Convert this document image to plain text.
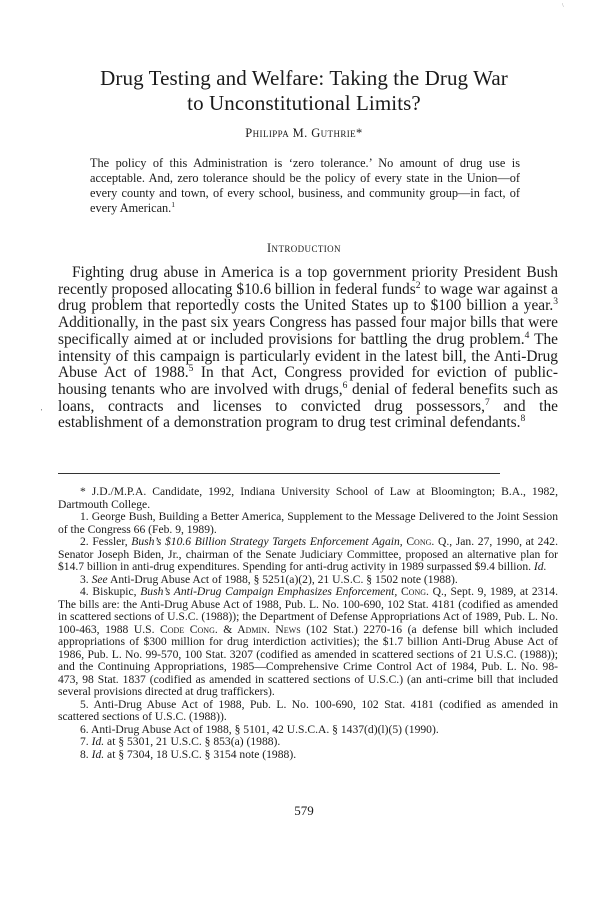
\
Drug Testing and Welfare: Taking the Drug War
to Unconstitutional Limits?
Philippa M. Guthrie*
The policy of this Administration is ‘zero tolerance.’ No amount of drug use is acceptable. And, zero tolerance should be the policy of every state in the Union—of every county and town, of every school, business, and community group—in fact, of every American.$^1$
Introduction

Fighting drug abuse in America is a top government priority President Bush recently proposed allocating $10.6 billion in federal funds$^2$ to wage war against a drug problem that reportedly costs the United States up to $100 billion a year.$^3$ Additionally, in the past six years Congress has passed four major bills that were specifically aimed at or included provisions for battling the drug problem.$^4$ The intensity of this campaign is particularly evident in the latest bill, the Anti-Drug Abuse Act of 1988.$^5$ In that Act, Congress provided for eviction of public-housing tenants who are involved with drugs,$^6$ denial of federal benefits such as loans, contracts and licenses to convicted drug possessors,$^7$ and the establishment of a demonstration program to drug test criminal defendants.$^8$

'

* J.D./M.P.A. Candidate, 1992, Indiana University School of Law at Bloomington; B.A., 1982, Dartmouth College.

1. George Bush, Building a Better America, Supplement to the Message Delivered to the Joint Session of the Congress 66 (Feb. 9, 1989).

2. Fessler, Bush’s $10.6 Billion Strategy Targets Enforcement Again, Cong. Q., Jan. 27, 1990, at 242. Senator Joseph Biden, Jr., chairman of the Senate Judiciary Committee, proposed an alternative plan for $14.7 billion in anti-drug expenditures. Spending for anti-drug activity in 1989 surpassed $9.4 billion. Id.

3. See Anti-Drug Abuse Act of 1988, § 5251(a)(2), 21 U.S.C. § 1502 note (1988).

4. Biskupic, Bush’s Anti-Drug Campaign Emphasizes Enforcement, Cong. Q., Sept. 9, 1989, at 2314. The bills are: the Anti-Drug Abuse Act of 1988, Pub. L. No. 100-690, 102 Stat. 4181 (codified as amended in scattered sections of U.S.C. (1988)); the Department of Defense Appropriations Act of 1989, Pub. L. No. 100-463, 1988 U.S. Code Cong. & Admin. News (102 Stat.) 2270-16 (a defense bill which included appropriations of $300 million for drug interdiction activities); the $1.7 billion Anti-Drug Abuse Act of 1986, Pub. L. No. 99-570, 100 Stat. 3207 (codified as amended in scattered sections of 21 U.S.C. (1988)); and the Continuing Appropriations, 1985—Comprehensive Crime Control Act of 1984, Pub. L. No. 98-473, 98 Stat. 1837 (codified as amended in scattered sections of U.S.C.) (an anti-crime bill that included several provisions directed at drug traffickers).

5. Anti-Drug Abuse Act of 1988, Pub. L. No. 100-690, 102 Stat. 4181 (codified as amended in scattered sections of U.S.C. (1988)).

6. Anti-Drug Abuse Act of 1988, § 5101, 42 U.S.C.A. § 1437(d)(l)(5) (1990).

7. Id. at § 5301, 21 U.S.C. § 853(a) (1988).

8. Id. at § 7304, 18 U.S.C. § 3154 note (1988).

579
